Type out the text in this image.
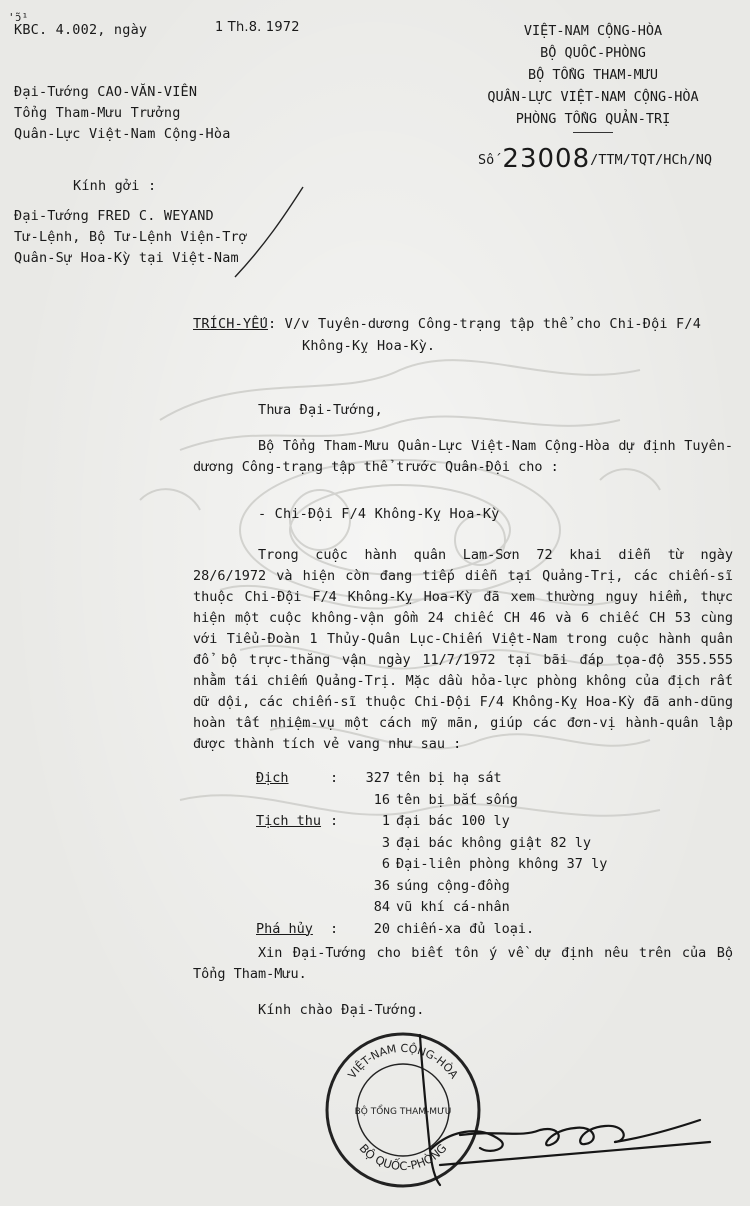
'ɔ̃¹
KBC. 4.002, ngày	1 Th.8. 1972	VIỆT-NAM CỘNG-HÒA
BỘ QUỐC-PHÒNG
BỘ TỔNG THAM-MƯU
QUÂN-LỰC VIỆT-NAM CỘNG-HÒA
PHÒNG TỔNG QUẢN-TRỊ
Số 23008/TTM/TQT/HCh/NQ
Đại-Tướng CAO-VĂN-VIÊN
Tổng Tham-Mưu Trưởng
Quân-Lực Việt-Nam Cộng-Hòa
Kính gởi :
Đại-Tướng FRED C. WEYAND
Tư-Lệnh, Bộ Tư-Lệnh Viện-Trợ
Quân-Sự Hoa-Kỳ tại Việt-Nam
TRÍCH-YẾU : V/v Tuyên-dương Công-trạng tập thể cho Chi-Đội F/4
Không-Kỵ Hoa-Kỳ.
Thưa Đại-Tướng,
Bộ Tổng Tham-Mưu Quân-Lực Việt-Nam Cộng-Hòa dự định Tuyên-dương Công-trạng tập thể trước Quân-Đội cho :
- Chi-Đội F/4 Không-Kỵ Hoa-Kỳ
Trong cuộc hành quân Lam-Sơn 72 khai diễn từ ngày 28/6/1972 và hiện còn đang tiếp diễn tại Quảng-Trị, các chiến-sĩ thuộc Chi-Đội F/4 Không-Kỵ Hoa-Kỳ đã xem thường nguy hiểm, thực hiện một cuộc không-vận gồm 24 chiếc CH 46 và 6 chiếc CH 53 cùng với Tiểu-Đoàn 1 Thủy-Quân Lục-Chiến Việt-Nam trong cuộc hành quân đổ bộ trực-thăng vận ngày 11/7/1972 tại bãi đáp tọa-độ 355.555 nhằm tái chiếm Quảng-Trị. Mặc dầu hỏa-lực phòng không của địch rất dữ dội, các chiến-sĩ thuộc Chi-Đội F/4 Không-Kỵ Hoa-Kỳ đã anh-dũng hoàn tất nhiệm-vụ một cách mỹ mãn, giúp các đơn-vị hành-quân lập được thành tích vẻ vang như sau :
Địch	:	327 tên bị hạ sát
16 tên bị bắt sống
Tịch thu :	1 đại bác 100 ly
3 đại bác không giật 82 ly
6 Đại-liên phòng không 37 ly
36 súng cộng-đồng
84 vũ khí cá-nhân
Phá hủy	:	20 chiến-xa đủ loại.
Xin Đại-Tướng cho biết tôn ý về dự định nêu trên của Bộ Tổng Tham-Mưu.
Kính chào Đại-Tướng.
VIỆT-NAM CỘNG-HÒA
BỘ QUỐC-PHÒNG
BỘ TỔNG THAM-MƯU
